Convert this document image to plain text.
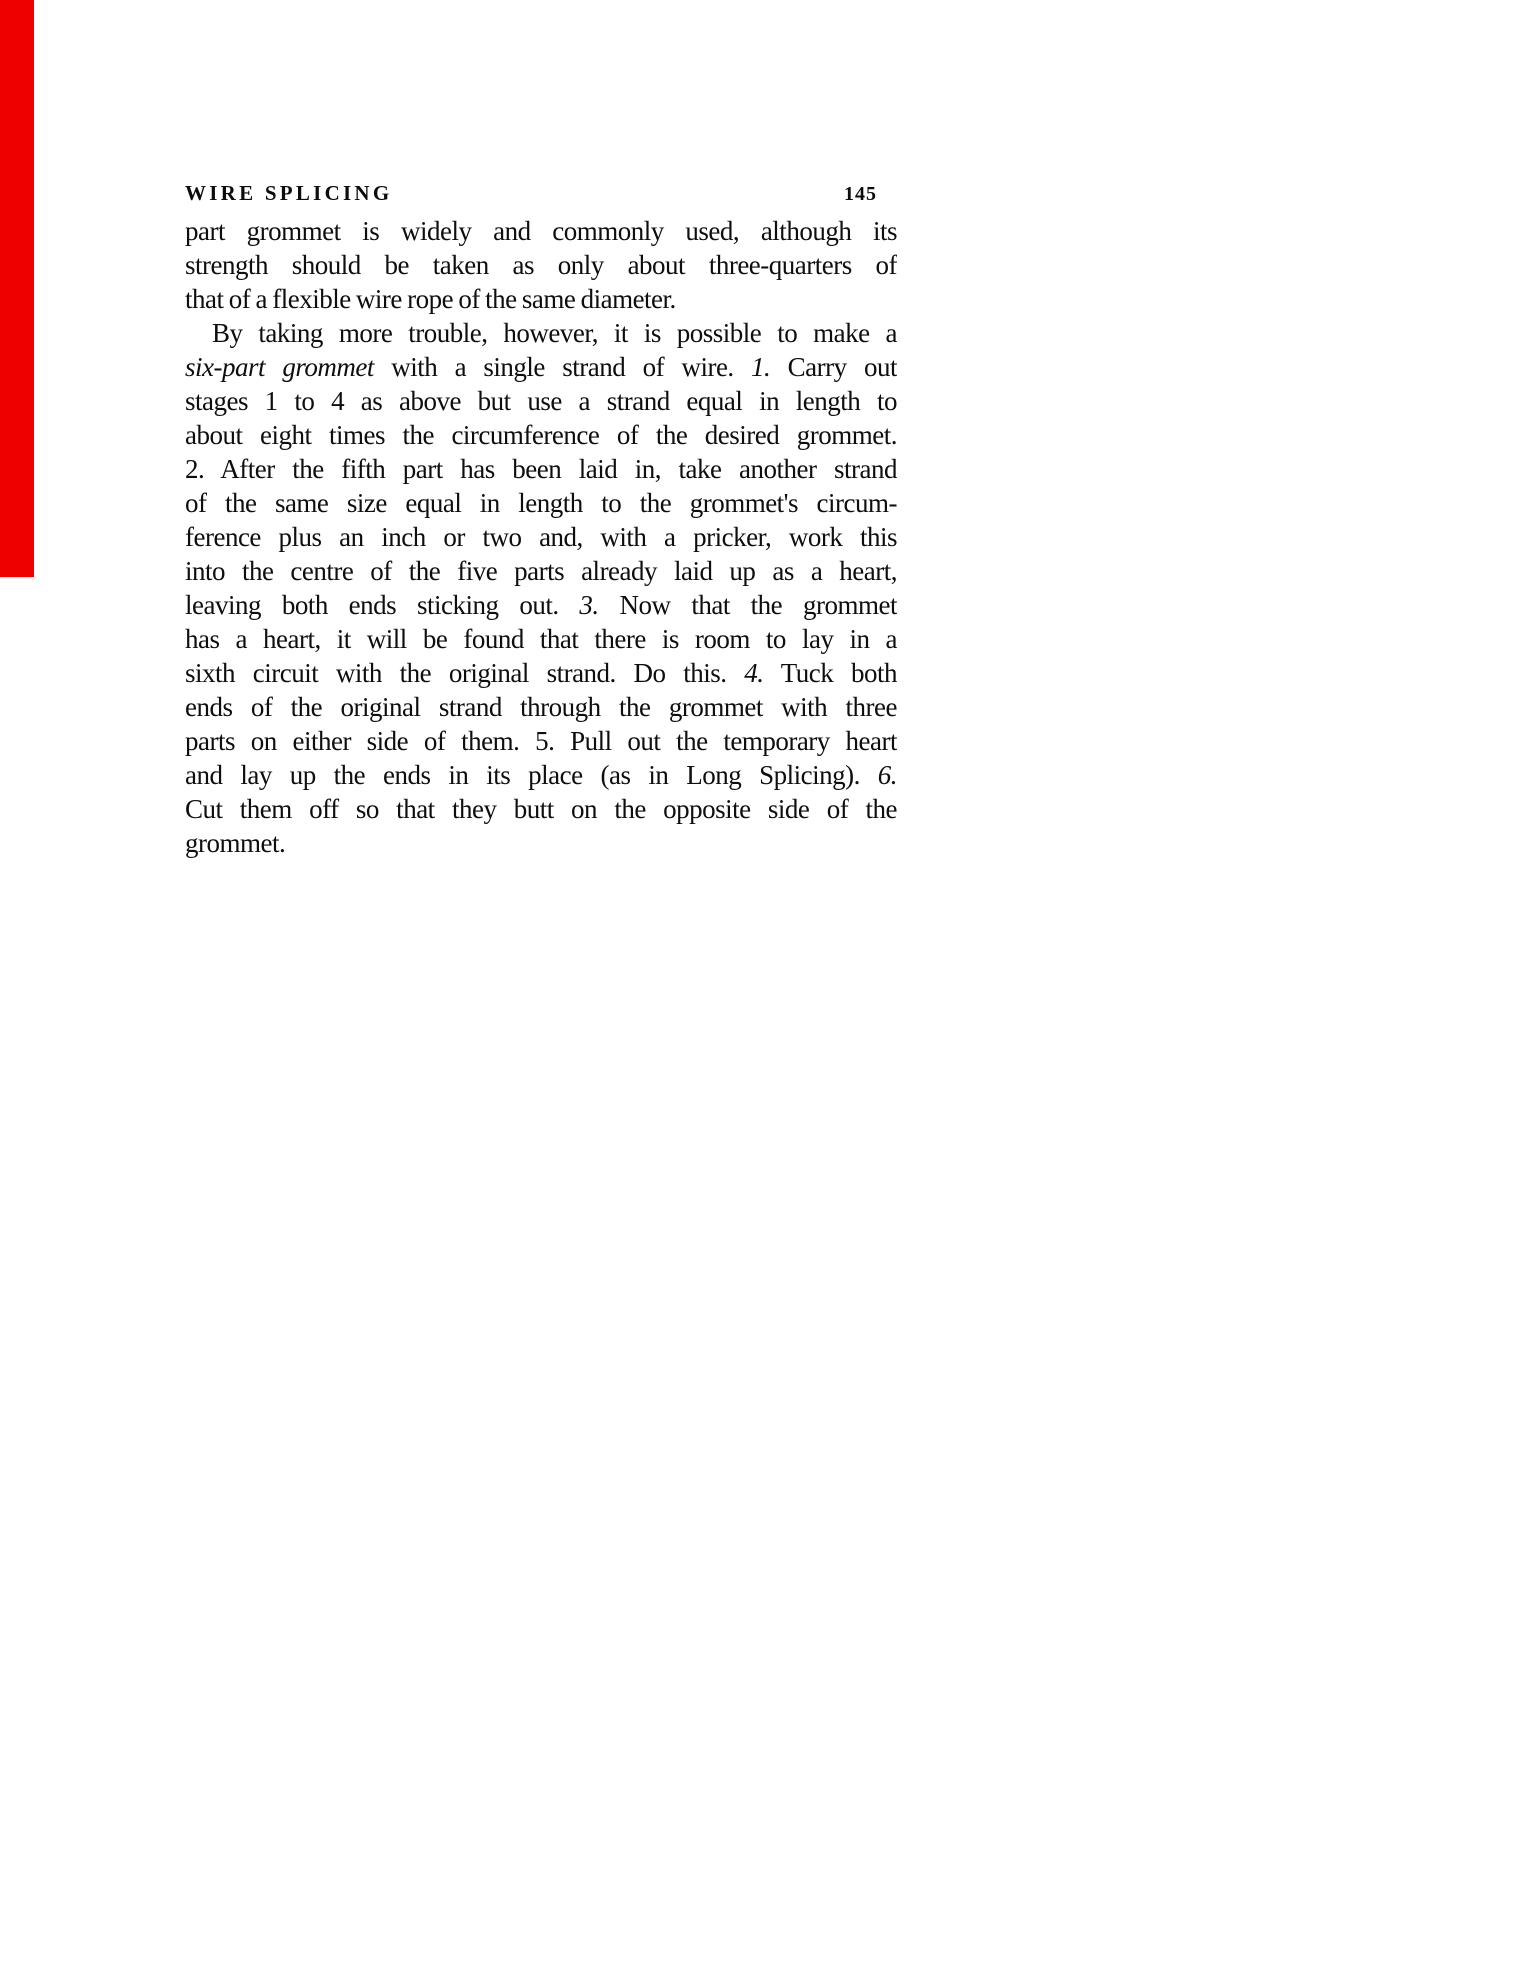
WIRE SPLICING	145
part grommet is widely and commonly used, although its
strength should be taken as only about three-quarters of
that of a flexible wire rope of the same diameter.
By taking more trouble, however, it is possible to make a
six-part grommet with a single strand of wire. 1. Carry out
stages 1 to 4 as above but use a strand equal in length to
about eight times the circumference of the desired grommet.
2. After the fifth part has been laid in, take another strand
of the same size equal in length to the grommet's circum-
ference plus an inch or two and, with a pricker, work this
into the centre of the five parts already laid up as a heart,
leaving both ends sticking out. 3. Now that the grommet
has a heart, it will be found that there is room to lay in a
sixth circuit with the original strand. Do this. 4. Tuck both
ends of the original strand through the grommet with three
parts on either side of them. 5. Pull out the temporary heart
and lay up the ends in its place (as in Long Splicing). 6.
Cut them off so that they butt on the opposite side of the
grommet.
